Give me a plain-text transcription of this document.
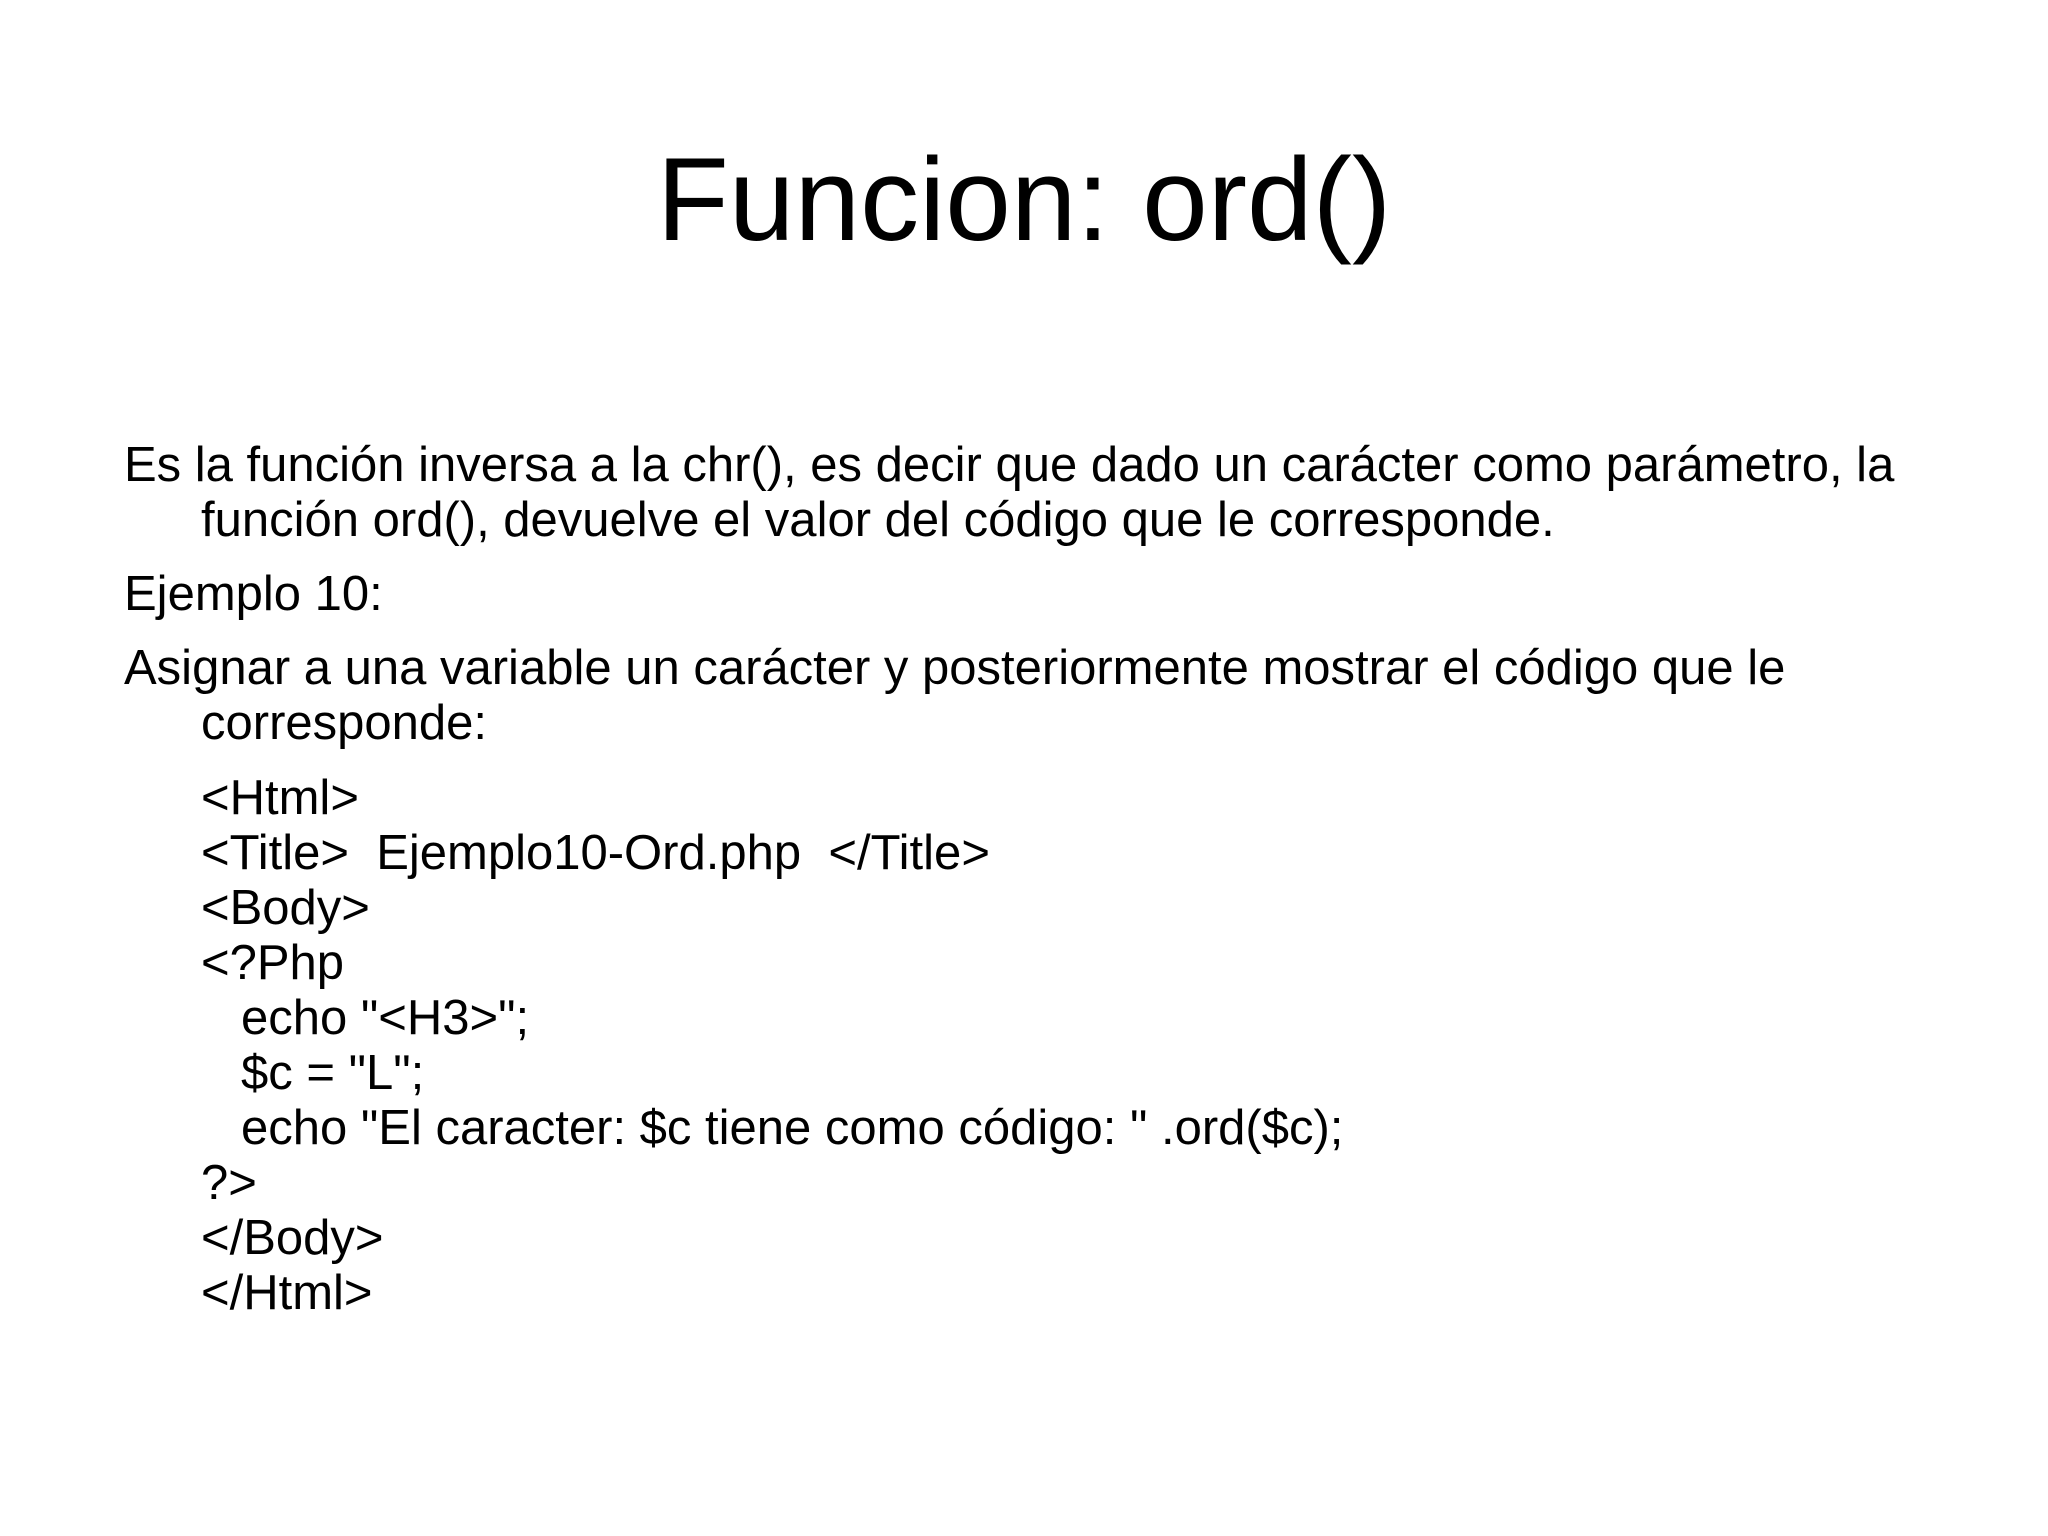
Funcion: ord()

Es la función inversa a la chr(), es decir que dado un carácter como parámetro, la función ord(), devuelve el valor del código que le corresponde.

Ejemplo 10:

Asignar a una variable un carácter y posteriormente mostrar el código que le corresponde:

<Html>
<Title>  Ejemplo10-Ord.php  </Title>
<Body>
<?Php
echo "<H3>";
$c = "L";
echo "El caracter: $c tiene como código: " .ord($c);
?>
</Body>
</Html>
